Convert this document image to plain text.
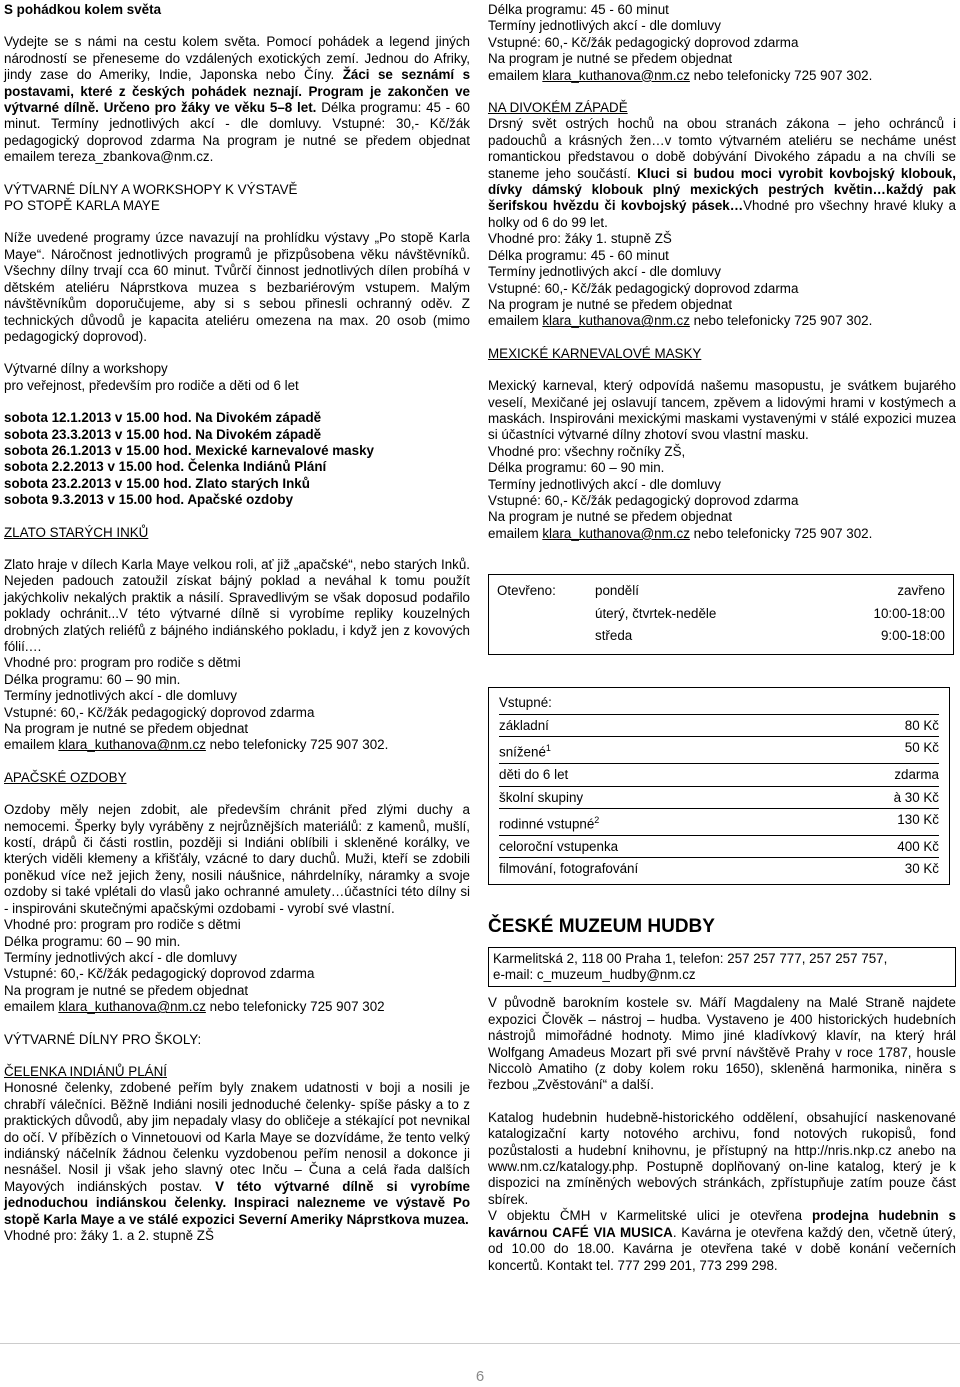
S pohádkou kolem světa

Vydejte se s námi na cestu kolem světa. Pomocí pohádek a legend jiných národností se přeneseme do vzdálených exotických zemí. Jednou do Afriky, jindy zase do Ameriky, Indie, Japonska nebo Číny. Žáci se seznámí s postavami, které z českých pohádek neznají. Program je zakončen ve výtvarné dílně. Určeno pro žáky ve věku 5–8 let. Délka programu: 45 - 60 minut. Termíny jednotlivých akcí - dle domluvy. Vstupné: 30,- Kč/žák pedagogický doprovod zdarma Na program je nutné se předem objednat emailem tereza_zbankova@nm.cz.

VÝTVARNÉ DÍLNY A WORKSHOPY K VÝSTAVĚ

PO STOPĚ KARLA MAYE

Níže uvedené programy úzce navazují na prohlídku výstavy „Po stopě Karla Maye“. Náročnost jednotlivých programů je přizpůsobena věku návštěvníků. Všechny dílny trvají cca 60 minut. Tvůrčí činnost jednotlivých dílen probíhá v dětském ateliéru Náprstkova muzea s bezbariérovým vstupem. Malým návštěvníkům doporučujeme, aby si s sebou přinesli ochranný oděv. Z technických důvodů je kapacita ateliéru omezena na max. 20 osob (mimo pedagogický doprovod).

Výtvarné dílny a workshopy

pro veřejnost, především pro rodiče a děti od 6 let

sobota 12.1.2013 v 15.00 hod. Na Divokém západě

sobota 23.3.2013 v 15.00 hod. Na Divokém západě

sobota 26.1.2013 v 15.00 hod. Mexické karnevalové masky

sobota 2.2.2013 v 15.00 hod. Čelenka Indiánů Plání

sobota 23.2.2013 v 15.00 hod. Zlato starých Inků

sobota 9.3.2013 v 15.00 hod. Apačské ozdoby

ZLATO STARÝCH INKŮ

Zlato hraje v dílech Karla Maye velkou roli, ať již „apačské“, nebo starých Inků. Nejeden padouch zatoužil získat bájný poklad a neváhal k tomu použít jakýchkoliv nekalých praktik a násilí. Spravedlivým se však doposud podařilo poklady ochránit...V této výtvarné dílně si vyrobíme repliky kouzelných drobných zlatých reliéfů z bájného indiánského pokladu, i když jen z kovových fólií.…

Vhodné pro: program pro rodiče s dětmi

Délka programu: 60 – 90 min.

Termíny jednotlivých akcí - dle domluvy

Vstupné: 60,- Kč/žák pedagogický doprovod zdarma

Na program je nutné se předem objednat

emailem klara_kuthanova@nm.cz nebo telefonicky 725 907 302.

APAČSKÉ OZDOBY

Ozdoby měly nejen zdobit, ale především chránit před zlými duchy a nemocemi. Šperky byly vyráběny z nejrůznějších materiálů: z kamenů, mušlí, kostí, drápů či části rostlin, později si Indiáni oblíbili i skleněné korálky, ve kterých viděli kłemeny a křišťály, vzácné to dary duchů. Muži, kteří se zdobili poněkud více než jejich ženy, nosili náušnice, náhrdelníky, náramky a svoje ozdoby si také vplétali do vlasů jako ochranné amulety…účastníci této dílny si - inspirováni skutečnými apačskými ozdobami - vyrobí své vlastní.

Vhodné pro: program pro rodiče s dětmi

Délka programu: 60 – 90 min.

Termíny jednotlivých akcí - dle domluvy

Vstupné: 60,- Kč/žák pedagogický doprovod zdarma

Na program je nutné se předem objednat

emailem klara_kuthanova@nm.cz nebo telefonicky 725 907 302

VÝTVARNÉ DÍLNY PRO ŠKOLY:

ČELENKA INDIÁNŮ PLÁNÍ

Honosné čelenky, zdobené peřím byly znakem udatnosti v boji a nosili je chrabří válečníci. Běžně Indiáni nosili jednoduché čelenky- spíše pásky a to z praktických důvodů, aby jim nepadaly vlasy do obličeje a stékající pot nevnikal do očí. V příbězích o Vinnetouovi od Karla Maye se dozvídáme, že tento velký indiánský náčelník žádnou čelenku vyzdobenou peřím nenosil a dokonce ji nesnášel. Nosil ji však jeho slavný otec Inču – Čuna a celá řada dalších Mayových indiánských postav. V této výtvarné dílně si vyrobíme jednoduchou indiánskou čelenky. Inspiraci nalezneme ve výstavě Po stopě Karla Maye a ve stálé expozici Severní Ameriky Náprstkova muzea.

Vhodné pro: žáky 1. a 2. stupně ZŠ

Délka programu: 45 - 60 minut

Termíny jednotlivých akcí - dle domluvy

Vstupné: 60,- Kč/žák pedagogický doprovod zdarma

Na program je nutné se předem objednat

emailem klara_kuthanova@nm.cz nebo telefonicky 725 907 302.

NA DIVOKÉM ZÁPADĚ

Drsný svět ostrých hochů na obou stranách zákona – jeho ochránců i padouchů a krásných žen…v tomto výtvarném ateliéru se necháme unést romantickou představou o době dobývání Divokého západu a na chvíli se staneme jeho součástí. Kluci si budou moci vyrobit kovbojský klobouk, dívky dámský klobouk plný mexických pestrých květin…každý pak šerifskou hvězdu či kovbojský pásek…Vhodné pro všechny hravé kluky a holky od 6 do 99 let.

Vhodné pro: žáky 1. stupně ZŠ

Délka programu: 45 - 60 minut

Termíny jednotlivých akcí - dle domluvy

Vstupné: 60,- Kč/žák pedagogický doprovod zdarma

Na program je nutné se předem objednat

emailem klara_kuthanova@nm.cz nebo telefonicky 725 907 302.

MEXICKÉ KARNEVALOVÉ MASKY

Mexický karneval, který odpovídá našemu masopustu, je svátkem bujarého veselí, Mexičané jej oslavují tancem, zpěvem a lidovými hrami v kostýmech a maskách. Inspirováni mexickými maskami vystavenými v stálé expozici muzea si účastníci výtvarné dílny zhotoví svou vlastní masku.

Vhodné pro: všechny ročníky ZŠ,

Délka programu: 60 – 90 min.

Termíny jednotlivých akcí - dle domluvy

Vstupné: 60,- Kč/žák pedagogický doprovod zdarma

Na program je nutné se předem objednat

emailem klara_kuthanova@nm.cz nebo telefonicky 725 907 302.

Otevřeno:	pondělí	zavřeno
úterý, čtvrtek-neděle	10:00-18:00
středa	9:00-18:00
Vstupné:
základní	80 Kč
snížené$^1$	50 Kč
děti do 6 let	zdarma
školní skupiny	à 30 Kč
rodinné vstupné$^2$	130 Kč
celoroční vstupenka	400 Kč
filmování, fotografování	30 Kč

ČESKÉ MUZEUM HUDBY

Karmelitská 2, 118 00 Praha 1, telefon: 257 257 777, 257 257 757,

e-mail: c_muzeum_hudby@nm.cz

V původně barokním kostele sv. Máří Magdaleny na Malé Straně najdete expozici Člověk – nástroj – hudba. Vystaveno je 400 historických hudebních nástrojů mimořádné hodnoty. Mimo jiné kladívkový klavír, na který hrál Wolfgang Amadeus Mozart při své první návštěvě Prahy v roce 1787, housle Niccolò Amatiho (z doby kolem roku 1650), skleněná harmonika, niněra s řezbou „Zvěstování“ a další.

Katalog hudebnin hudebně-historického oddělení, obsahující naskenované katalogizační karty notového archivu, fond notových rukopisů, fond pozůstalosti a hudební knihovnu, je přístupný na http://nris.nkp.cz anebo na www.nm.cz/katalogy.php. Postupně doplňovaný on-line katalog, který je k dispozici na zmíněných webových stránkách, zpřístupňuje zatím pouze část sbírek.

V objektu ČMH v Karmelitské ulici je otevřena prodejna hudebnin s kavárnou CAFÉ VIA MUSICA. Kavárna je otevřena každý den, včetně úterý, od 10.00 do 18.00. Kavárna je otevřena také v době konání večerních koncertů. Kontakt tel. 777 299 201, 773 299 298.

6
